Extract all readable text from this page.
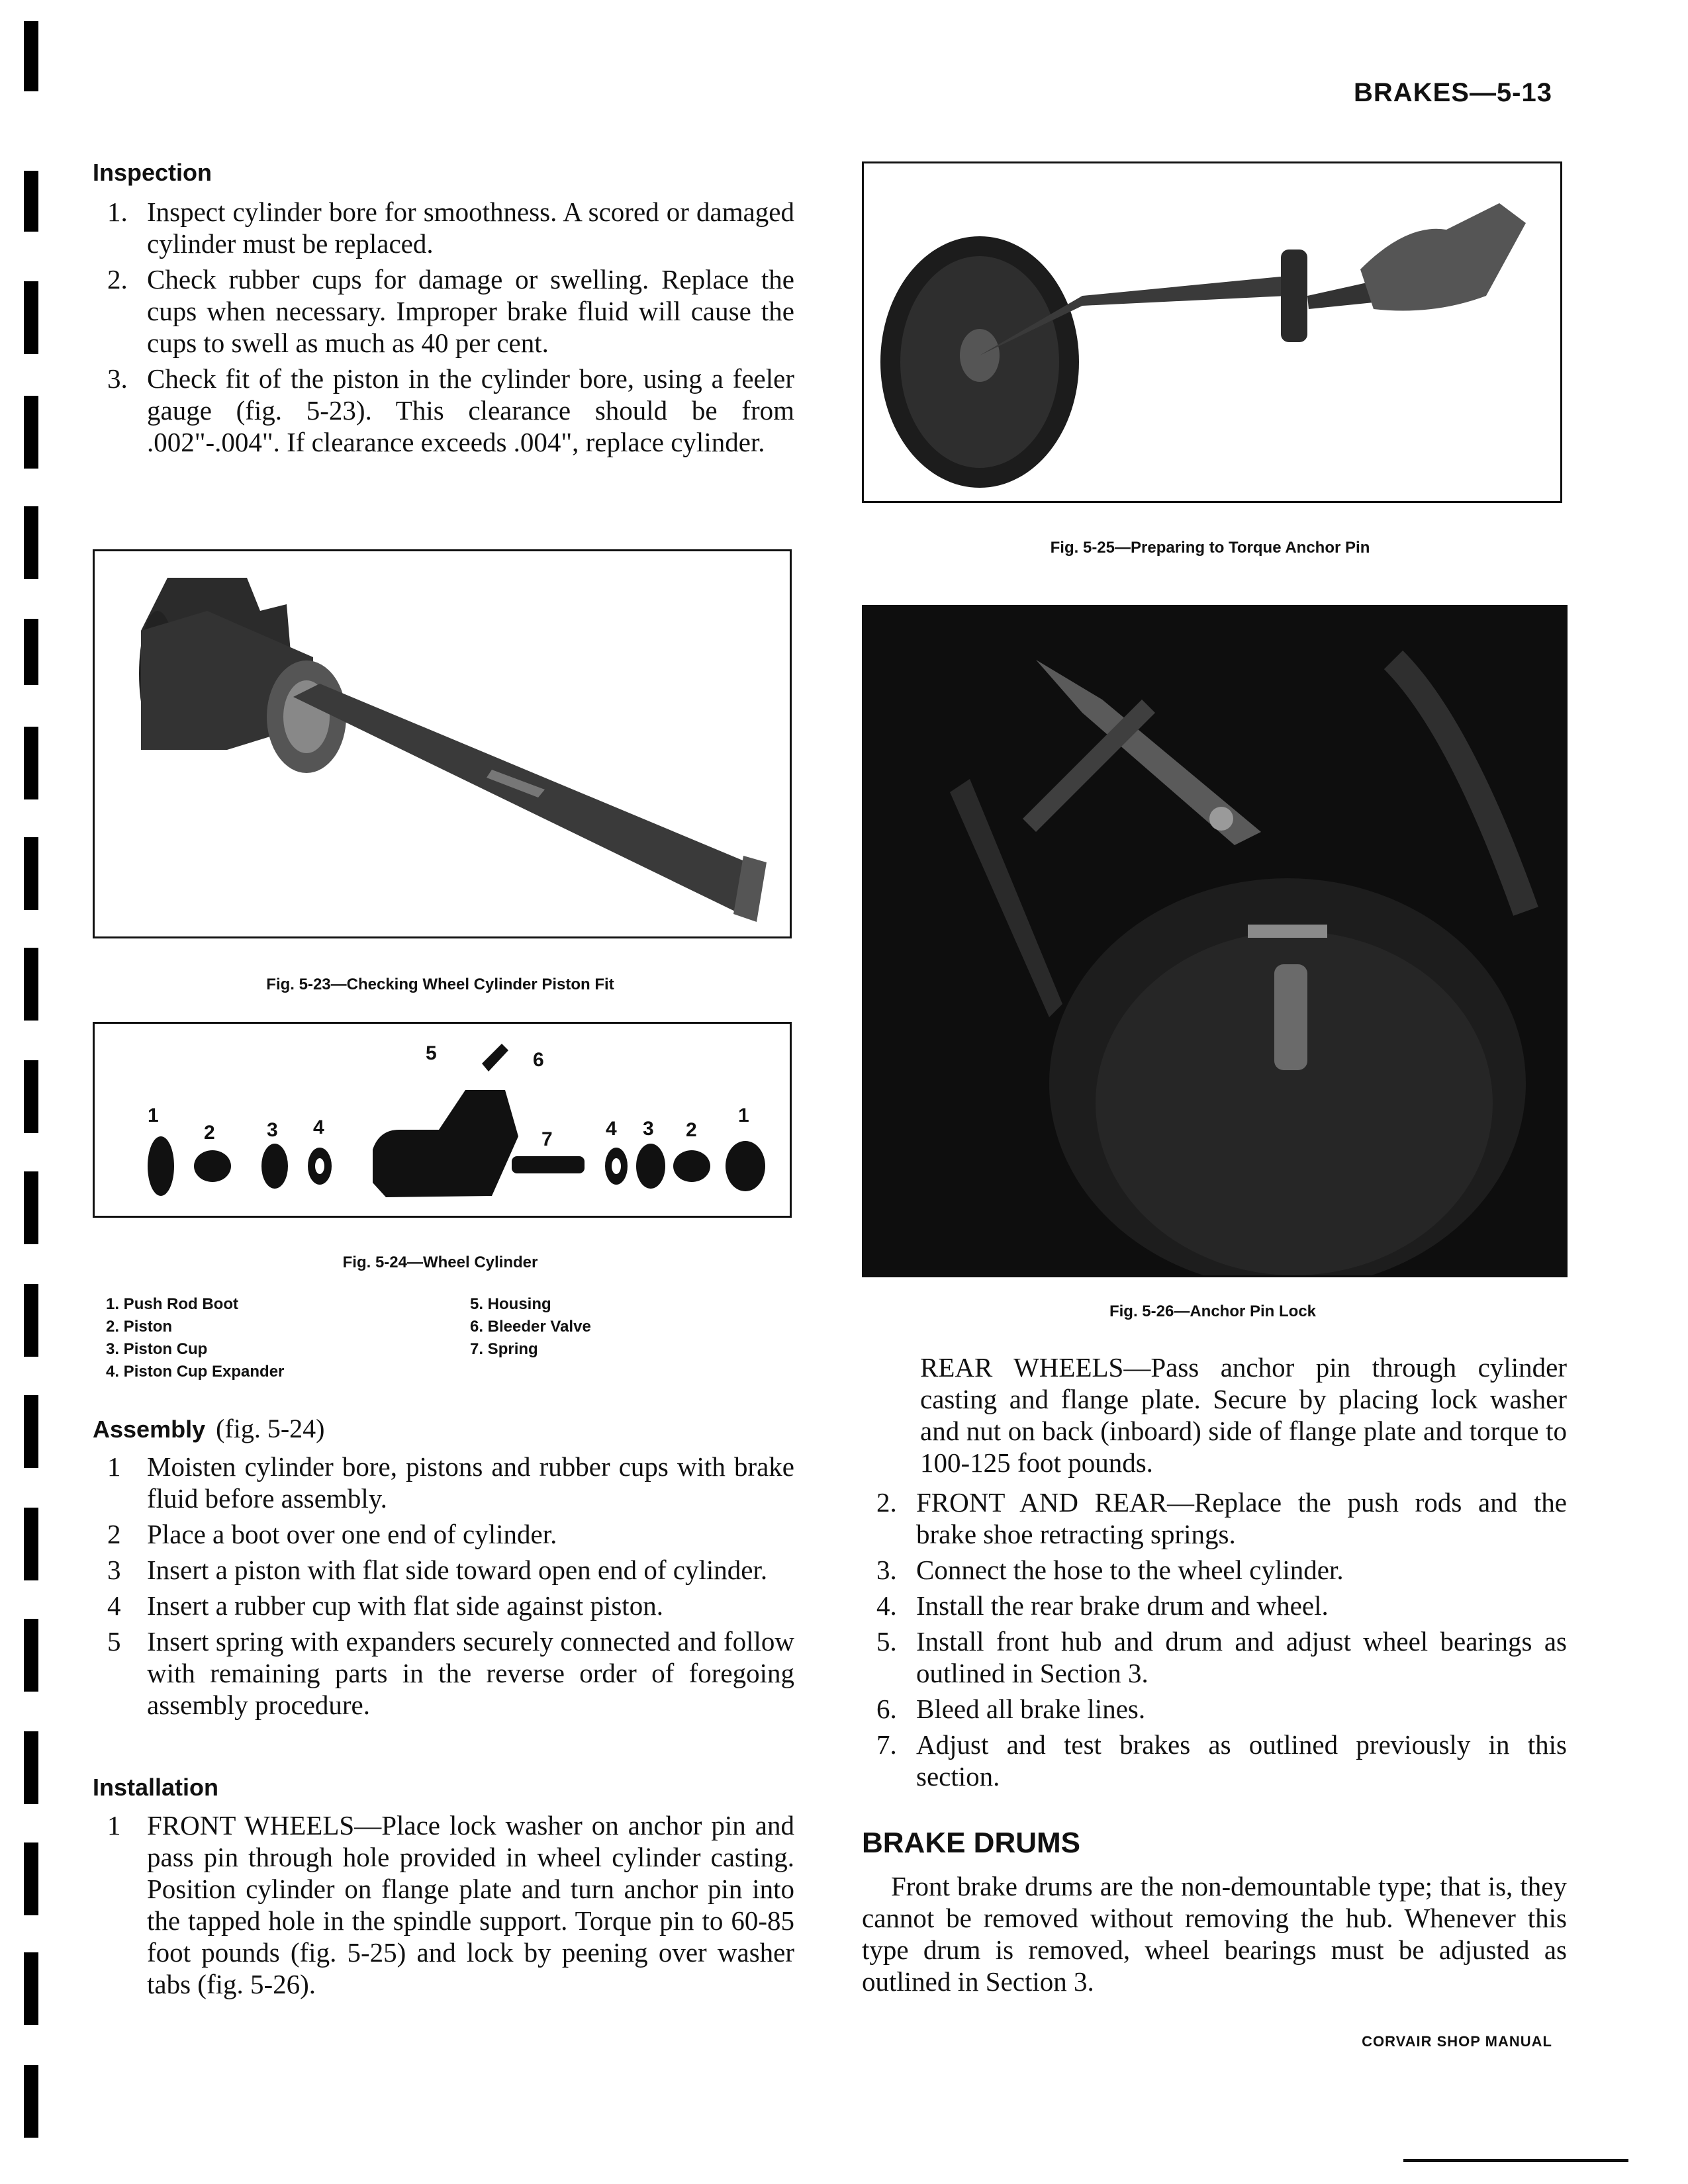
BRAKES—5-13
Inspection
1. Inspect cylinder bore for smoothness. A scored or damaged cylinder must be replaced.
2. Check rubber cups for damage or swelling. Replace the cups when necessary. Improper brake fluid will cause the cups to swell as much as 40 per cent.
3. Check fit of the piston in the cylinder bore, using a feeler gauge (fig. 5-23). This clearance should be from .002"-.004". If clearance exceeds .004", replace cylinder.
Fig. 5-23—Checking Wheel Cylinder Piston Fit
1
2	3 4
5	6
7	4 3 2
1
Fig. 5-24—Wheel Cylinder
1. Push Rod Boot
2. Piston
3. Piston Cup
4. Piston Cup Expander
5. Housing
6. Bleeder Valve
7. Spring
Assembly (fig. 5-24)
1 Moisten cylinder bore, pistons and rubber cups with brake fluid before assembly.
2 Place a boot over one end of cylinder.
3 Insert a piston with flat side toward open end of cylinder.
4 Insert a rubber cup with flat side against piston.
5 Insert spring with expanders securely connected and follow with remaining parts in the reverse order of foregoing assembly procedure.
Installation
1 FRONT WHEELS—Place lock washer on anchor pin and pass pin through hole provided in wheel cylinder casting. Position cylinder on flange plate and turn anchor pin into the tapped hole in the spindle support. Torque pin to 60-85 foot pounds (fig. 5-25) and lock by peening over washer tabs (fig. 5-26).
Fig. 5-25—Preparing to Torque Anchor Pin
Fig. 5-26—Anchor Pin Lock

REAR WHEELS—Pass anchor pin through cylinder casting and flange plate. Secure by placing lock washer and nut on back (inboard) side of flange plate and torque to 100-125 foot pounds.

2. FRONT AND REAR—Replace the push rods and the brake shoe retracting springs.
3. Connect the hose to the wheel cylinder.
4. Install the rear brake drum and wheel.
5. Install front hub and drum and adjust wheel bearings as outlined in Section 3.
6. Bleed all brake lines.
7. Adjust and test brakes as outlined previously in this section.
BRAKE DRUMS

Front brake drums are the non-demountable type; that is, they cannot be removed without removing the hub. Whenever this type drum is removed, wheel bearings must be adjusted as outlined in Section 3.

CORVAIR SHOP MANUAL
